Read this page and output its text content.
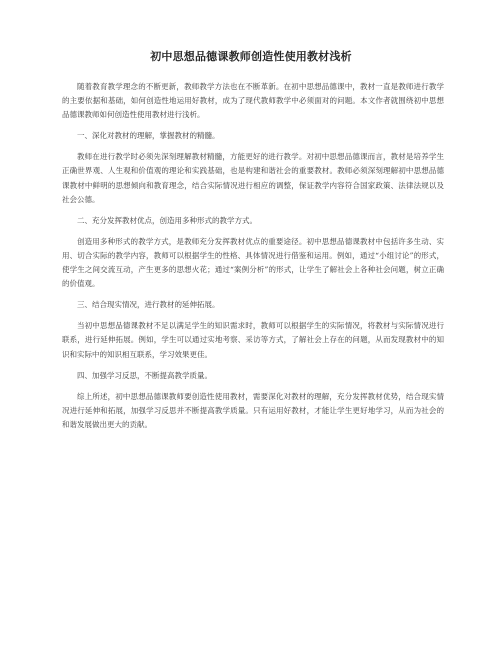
初中思想品德课教师创造性使用教材浅析

随着教育教学理念的不断更新，教师教学方法也在不断革新。在初中思想品德课中，教材一直是教师进行教学的主要依据和基础，如何创造性地运用好教材，成为了现代教师教学中必须面对的问题。本文作者就围绕初中思想品德课教师如何创造性使用教材进行浅析。

一、深化对教材的理解，掌握教材的精髓。

教师在进行教学时必须先深刻理解教材精髓，方能更好的进行教学。对初中思想品德课而言，教材是培养学生正确世界观、人生观和价值观的理论和实践基础，也是构建和谐社会的重要教材。教师必须深刻理解初中思想品德课教材中鲜明的思想倾向和教育理念，结合实际情况进行相应的调整，保证教学内容符合国家政策、法律法规以及社会公德。

二、充分发挥教材优点，创造用多种形式的教学方式。

创造用多种形式的教学方式，是教师充分发挥教材优点的重要途径。初中思想品德课教材中包括许多生动、实用、切合实际的教学内容，教师可以根据学生的性格、具体情况进行借鉴和运用。例如，通过“小组讨论”的形式，使学生之间交流互动，产生更多的思想火花；通过“案例分析”的形式，让学生了解社会上各种社会问题，树立正确的价值观。

三、结合现实情况，进行教材的延伸拓展。

当初中思想品德课教材不足以满足学生的知识需求时，教师可以根据学生的实际情况，将教材与实际情况进行联系，进行延伸拓展。例如，学生可以通过实地考察、采访等方式，了解社会上存在的问题，从而发现教材中的知识和实际中的知识相互联系，学习效果更佳。

四、加强学习反思，不断提高教学质量。

综上所述，初中思想品德课教师要创造性使用教材，需要深化对教材的理解，充分发挥教材优势，结合现实情况进行延伸和拓展，加强学习反思并不断提高教学质量。只有运用好教材，才能让学生更好地学习，从而为社会的和谐发展做出更大的贡献。
